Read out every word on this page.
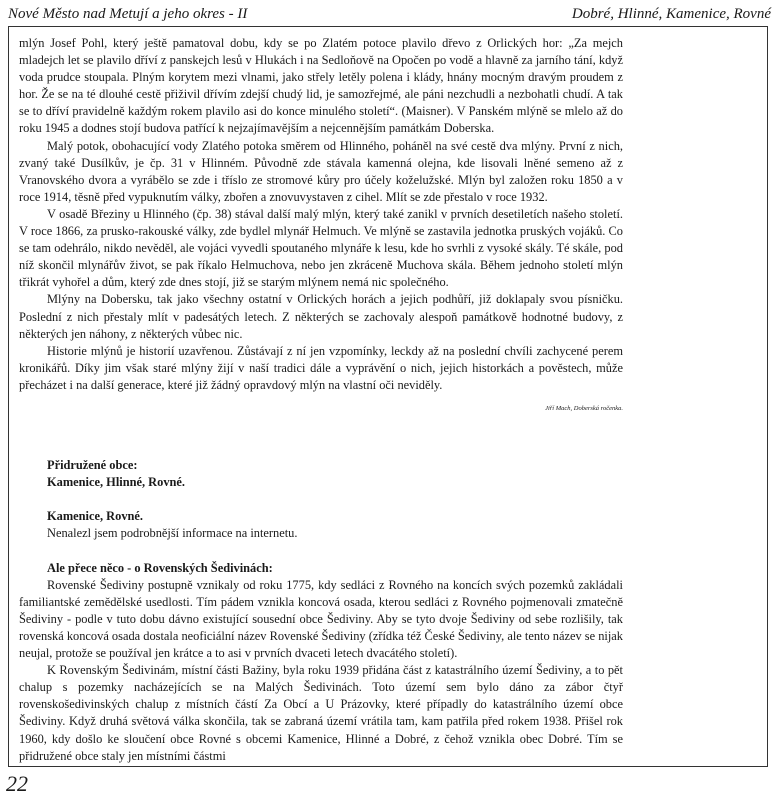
Nové Město nad Metují a jeho okres - II	Dobré, Hlinné, Kamenice, Rovné

mlýn Josef Pohl, který ještě pamatoval dobu, kdy se po Zlatém potoce plavilo dřevo z Orlických hor: „Za mejch mladejch let se plavilo dříví z panskejch lesů v Hlukách i na Sedloňově na Opočen po vodě a hlavně za jarního tání, když voda prudce stoupala. Plným korytem mezi vlnami, jako střely letěly polena i klády, hnány mocným dravým proudem z hor. Že se na té dlouhé cestě přiživil dřívím zdejší chudý lid, je samozřejmé, ale páni nezchudli a nezbohatli chudí. A tak se to dříví pravidelně každým rokem plavilo asi do konce minulého století“. (Maisner). V Panském mlýně se mlelo až do roku 1945 a dodnes stojí budova patřící k nejzajímavějším a nejcennějším památkám Doberska.

Malý potok, obohacující vody Zlatého potoka směrem od Hlinného, poháněl na své cestě dva mlýny. První z nich, zvaný také Dusílkův, je čp. 31 v Hlinném. Původně zde stávala kamenná olejna, kde lisovali lněné semeno až z Vranovského dvora a vyrábělo se zde i tříslo ze stromové kůry pro účely koželužské. Mlýn byl založen roku 1850 a v roce 1914, těsně před vypuknutím války, zbořen a znovuvystaven z cihel. Mlít se zde přestalo v roce 1932.

V osadě Březiny u Hlinného (čp. 38) stával další malý mlýn, který také zanikl v prvních desetiletích našeho století. V roce 1866, za prusko-rakouské války, zde bydlel mlynář Helmuch. Ve mlýně se zastavila jednotka pruských vojáků. Co se tam odehrálo, nikdo nevěděl, ale vojáci vyvedli spoutaného mlynáře k lesu, kde ho svrhli z vysoké skály. Té skále, pod níž skončil mlynářův život, se pak říkalo Helmuchova, nebo jen zkráceně Muchova skála. Během jednoho století mlýn třikrát vyhořel a dům, který zde dnes stojí, již se starým mlýnem nemá nic společného.

Mlýny na Dobersku, tak jako všechny ostatní v Orlických horách a jejich podhůří, již doklapaly svou písničku. Poslední z nich přestaly mlít v padesátých letech. Z některých se zachovaly alespoň památkově hodnotné budovy, z některých jen náhony, z některých vůbec nic.

Historie mlýnů je historií uzavřenou. Zůstávají z ní jen vzpomínky, leckdy až na poslední chvíli zachycené perem kronikářů. Díky jim však staré mlýny žijí v naší tradici dále a vyprávění o nich, jejich historkách a pověstech, může přecházet i na další generace, které již žádný opravdový mlýn na vlastní oči neviděly.

Jiří Mach, Doberská ročenka.
Přidružené obce:
Kamenice, Hlinné, Rovné.
Kamenice, Rovné.
Nenalezl jsem podrobnější informace na internetu.
Ale přece něco - o Rovenských Šedivinách:

Rovenské Šediviny postupně vznikaly od roku 1775, kdy sedláci z Rovného na koncích svých pozemků zakládali familiantské zemědělské usedlosti. Tím pádem vznikla koncová osada, kterou sedláci z Rovného pojmenovali zmatečně Šediviny - podle v tuto dobu dávno existující sousední obce Šediviny. Aby se tyto dvoje Šediviny od sebe rozlišily, tak rovenská koncová osada dostala neoficiální název Rovenské Šediviny (zřídka též České Šediviny, ale tento název se nijak neujal, protože se používal jen krátce a to asi v prvních dvaceti letech dvacátého století).

K Rovenským Šedivinám, místní části Bažiny, byla roku 1939 přidána část z katastrálního území Šediviny, a to pět chalup s pozemky nacházejících se na Malých Šedivinách. Toto území sem bylo dáno za zábor čtyř rovenskošedivinských chalup z místních částí Za Obcí a U Prázovky, které případly do katastrálního území obce Šediviny. Když druhá světová válka skončila, tak se zabraná území vrátila tam, kam patřila před rokem 1938. Přišel rok 1960, kdy došlo ke sloučení obce Rovné s obcemi Kamenice, Hlinné a Dobré, z čehož vznikla obec Dobré. Tím se přidružené obce staly jen místními částmi

22
